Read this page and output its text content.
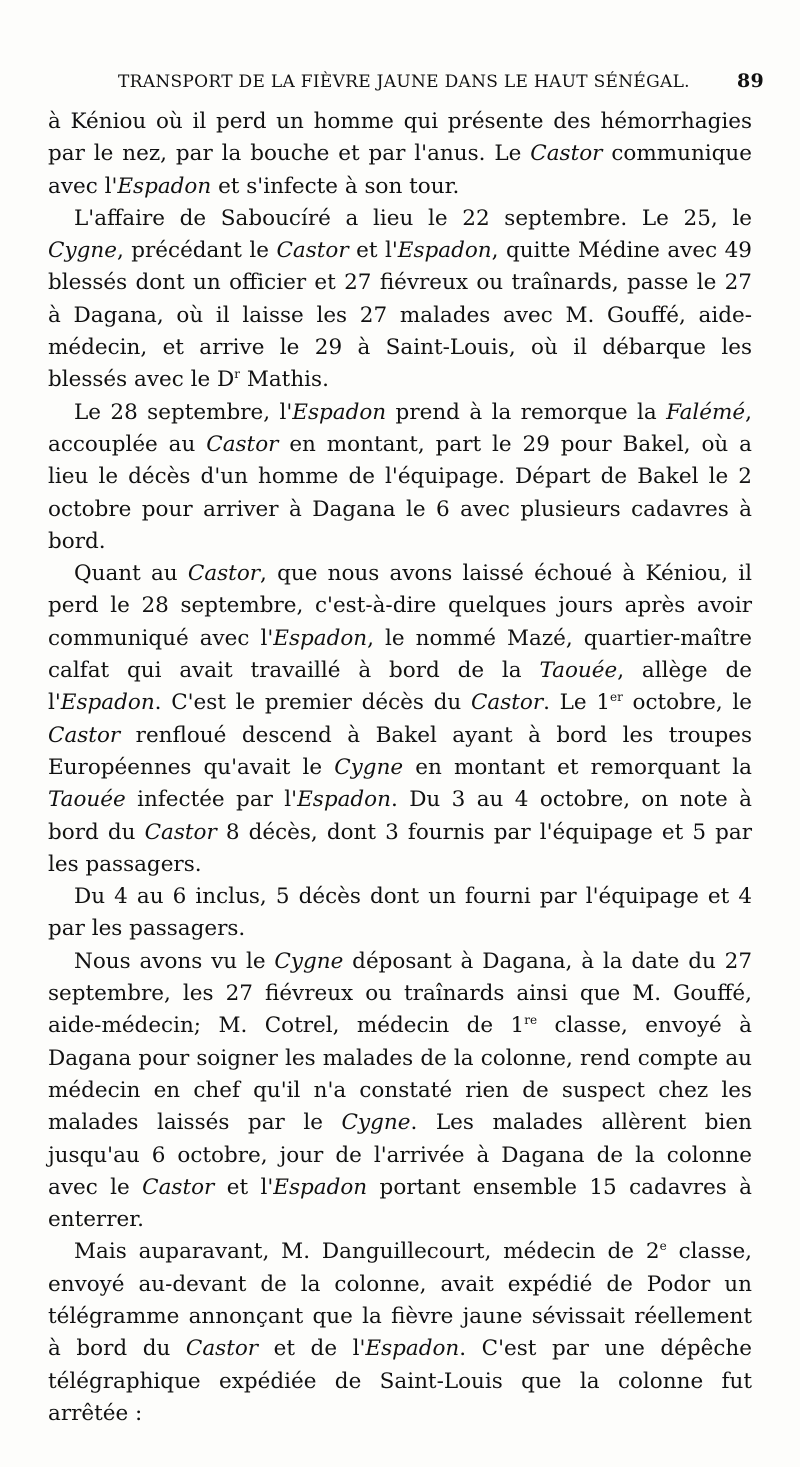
TRANSPORT DE LA FIÈVRE JAUNE DANS LE HAUT SÉNÉGAL. 89

à Kéniou où il perd un homme qui présente des hémorrhagies par le nez, par la bouche et par l'anus. Le Castor communique avec l'Espadon et s'infecte à son tour.

L'affaire de Saboucíré a lieu le 22 septembre. Le 25, le Cygne, précédant le Castor et l'Espadon, quitte Médine avec 49 blessés dont un officier et 27 fiévreux ou traînards, passe le 27 à Dagana, où il laisse les 27 malades avec M. Gouffé, aide-médecin, et arrive le 29 à Saint-Louis, où il débarque les blessés avec le $D^r$ Mathis.

Le 28 septembre, l'Espadon prend à la remorque la Falémé, accouplée au Castor en montant, part le 29 pour Bakel, où a lieu le décès d'un homme de l'équipage. Départ de Bakel le 2 octobre pour arriver à Dagana le 6 avec plusieurs cadavres à bord.

Quant au Castor, que nous avons laissé échoué à Kéniou, il perd le 28 septembre, c'est-à-dire quelques jours après avoir communiqué avec l'Espadon, le nommé Mazé, quartier-maître calfat qui avait travaillé à bord de la Taouée, allège de l'Espadon. C'est le premier décès du Castor. Le 1er octobre, le Castor renfloué descend à Bakel ayant à bord les troupes Européennes qu'avait le Cygne en montant et remorquant la Taouée infectée par l'Espadon. Du 3 au 4 octobre, on note à bord du Castor 8 décès, dont 3 fournis par l'équipage et 5 par les passagers.

Du 4 au 6 inclus, 5 décès dont un fourni par l'équipage et 4 par les passagers.

Nous avons vu le Cygne déposant à Dagana, à la date du 27 septembre, les 27 fiévreux ou traînards ainsi que M. Gouffé, aide-médecin; M. Cotrel, médecin de 1re classe, envoyé à Dagana pour soigner les malades de la colonne, rend compte au médecin en chef qu'il n'a constaté rien de suspect chez les malades laissés par le Cygne. Les malades allèrent bien jusqu'au 6 octobre, jour de l'arrivée à Dagana de la colonne avec le Castor et l'Espadon portant ensemble 15 cadavres à enterrer.

Mais auparavant, M. Danguillecourt, médecin de 2e classe, envoyé au-devant de la colonne, avait expédié de Podor un télégramme annonçant que la fièvre jaune sévissait réellement à bord du Castor et de l'Espadon. C'est par une dépêche télégraphique expédiée de Saint-Louis que la colonne fut arrêtée :
